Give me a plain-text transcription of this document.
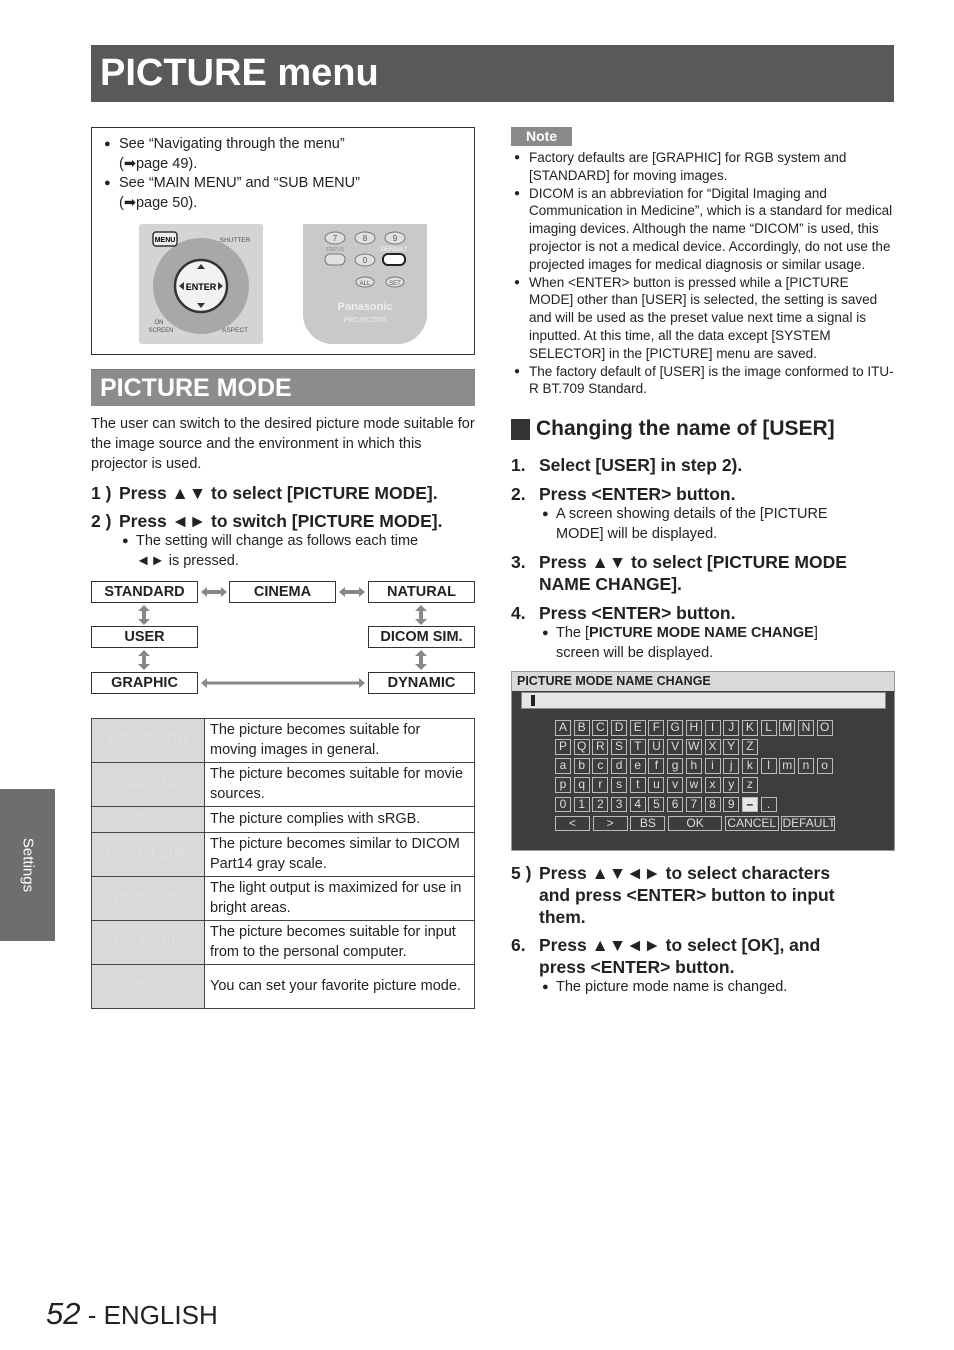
PICTURE menu
Settings
● See “Navigating through the menu”
(➡page 49).
● See “MAIN MENU” and “SUB MENU”
(➡page 50).
ENTER
MENU	SHUTTER
ON
SCREEN	ASPECT
7	8	9
STATUS
0
DEFAULT
ALL	SET
Panasonic
PROJECTOR
PICTURE MODE

The user can switch to the desired picture mode suitable for the image source and the environment in which this projector is used.

1 ) Press ▲▼ to select [PICTURE MODE].
2 ) Press ◄► to switch [PICTURE MODE].
● The setting will change as follows each time
◄► is pressed.
STANDARD	CINEMA	NATURAL
USER	DICOM SIM.
GRAPHIC	DYNAMIC
STANDARD	The picture becomes suitable for moving images in general.
CINEMA	The picture becomes suitable for movie sources.
NATURAL	The picture complies with sRGB.
DICOM SIM.	The picture becomes similar to DICOM Part14 gray scale.
DYNAMIC	The light output is maximized for use in bright areas.
GRAPHIC	The picture becomes suitable for input from to the personal computer.
USER	You can set your favorite picture mode.
Note
● Factory defaults are [GRAPHIC] for RGB system and [STANDARD] for moving images.
● DICOM is an abbreviation for “Digital Imaging and Communication in Medicine”, which is a standard for medical imaging devices. Although the name “DICOM” is used, this projector is not a medical device. Accordingly, do not use the projected images for medical diagnosis or similar usage.
● When <ENTER> button is pressed while a [PICTURE MODE] other than [USER] is selected, the setting is saved and will be used as the preset value next time a signal is inputted. At this time, all the data except [SYSTEM SELECTOR] in the [PICTURE] menu are saved.
● The factory default of [USER] is the image conformed to ITU-R BT.709 Standard.
Changing the name of [USER]
1. Select [USER] in step 2).
2. Press <ENTER> button.
● A screen showing details of the [PICTURE
MODE] will be displayed.
3. Press ▲▼ to select [PICTURE MODE
NAME CHANGE].
4. Press <ENTER> button.
● The [PICTURE MODE NAME CHANGE]
screen will be displayed.
PICTURE MODE NAME CHANGE
A B C D E F G H	I	J K L M N O
P Q R S T U V W X Y Z
a	b	c	d	e	f	g	h	i	j	k	l	m n	o
p	q	r	s	t	u	v w x	y	z
0	1	2	3	4	5	6	7	8	9	–	.
<	>	BS	OK	CANCEL DEFAULT
5 ) Press ▲▼◄► to select characters
and press <ENTER> button to input
them.
6. Press ▲▼◄► to select [OK], and
press <ENTER> button.
● The picture mode name is changed.
52 - ENGLISH
